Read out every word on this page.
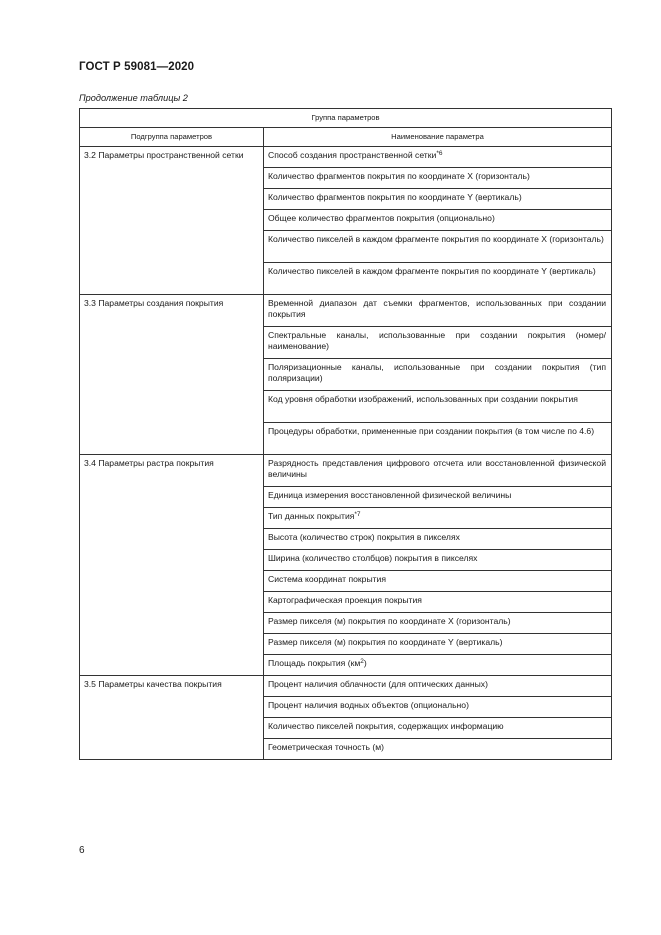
ГОСТ Р 59081—2020
Продолжение таблицы 2
Группа параметров	
Подгруппа параметров	Наименование параметра
3.2 Параметры пространственной сетки	Способ создания пространственной сетки$^{*6}$
	Количество фрагментов покрытия по координате X (горизонталь)
	Количество фрагментов покрытия по координате Y (вертикаль)
	Общее количество фрагментов покрытия (опционально)
	Количество пикселей в каждом фрагменте покрытия по координате X (горизонталь)
	Количество пикселей в каждом фрагменте покрытия по координате Y (вертикаль)
3.3 Параметры создания покрытия	Временной диапазон дат съемки фрагментов, использованных при создании покрытия
	Спектральные каналы, использованные при создании покрытия (номер/наименование)
	Поляризационные каналы, использованные при создании покрытия (тип поляризации)
	Код уровня обработки изображений, использованных при создании покрытия
	Процедуры обработки, примененные при создании покрытия (в том числе по 4.6)
3.4 Параметры растра покрытия	Разрядность представления цифрового отсчета или восстановленной физической величины
	Единица измерения восстановленной физической величины
	Тип данных покрытия$^{*7}$
	Высота (количество строк) покрытия в пикселях
	Ширина (количество столбцов) покрытия в пикселях
	Система координат покрытия
	Картографическая проекция покрытия
	Размер пикселя (м) покрытия по координате X (горизонталь)
	Размер пикселя (м) покрытия по координате Y (вертикаль)
	Площадь покрытия $(км^2)$
3.5 Параметры качества покрытия	Процент наличия облачности (для оптических данных)
	Процент наличия водных объектов (опционально)
	Количество пикселей покрытия, содержащих информацию
	Геометрическая точность (м)
6
